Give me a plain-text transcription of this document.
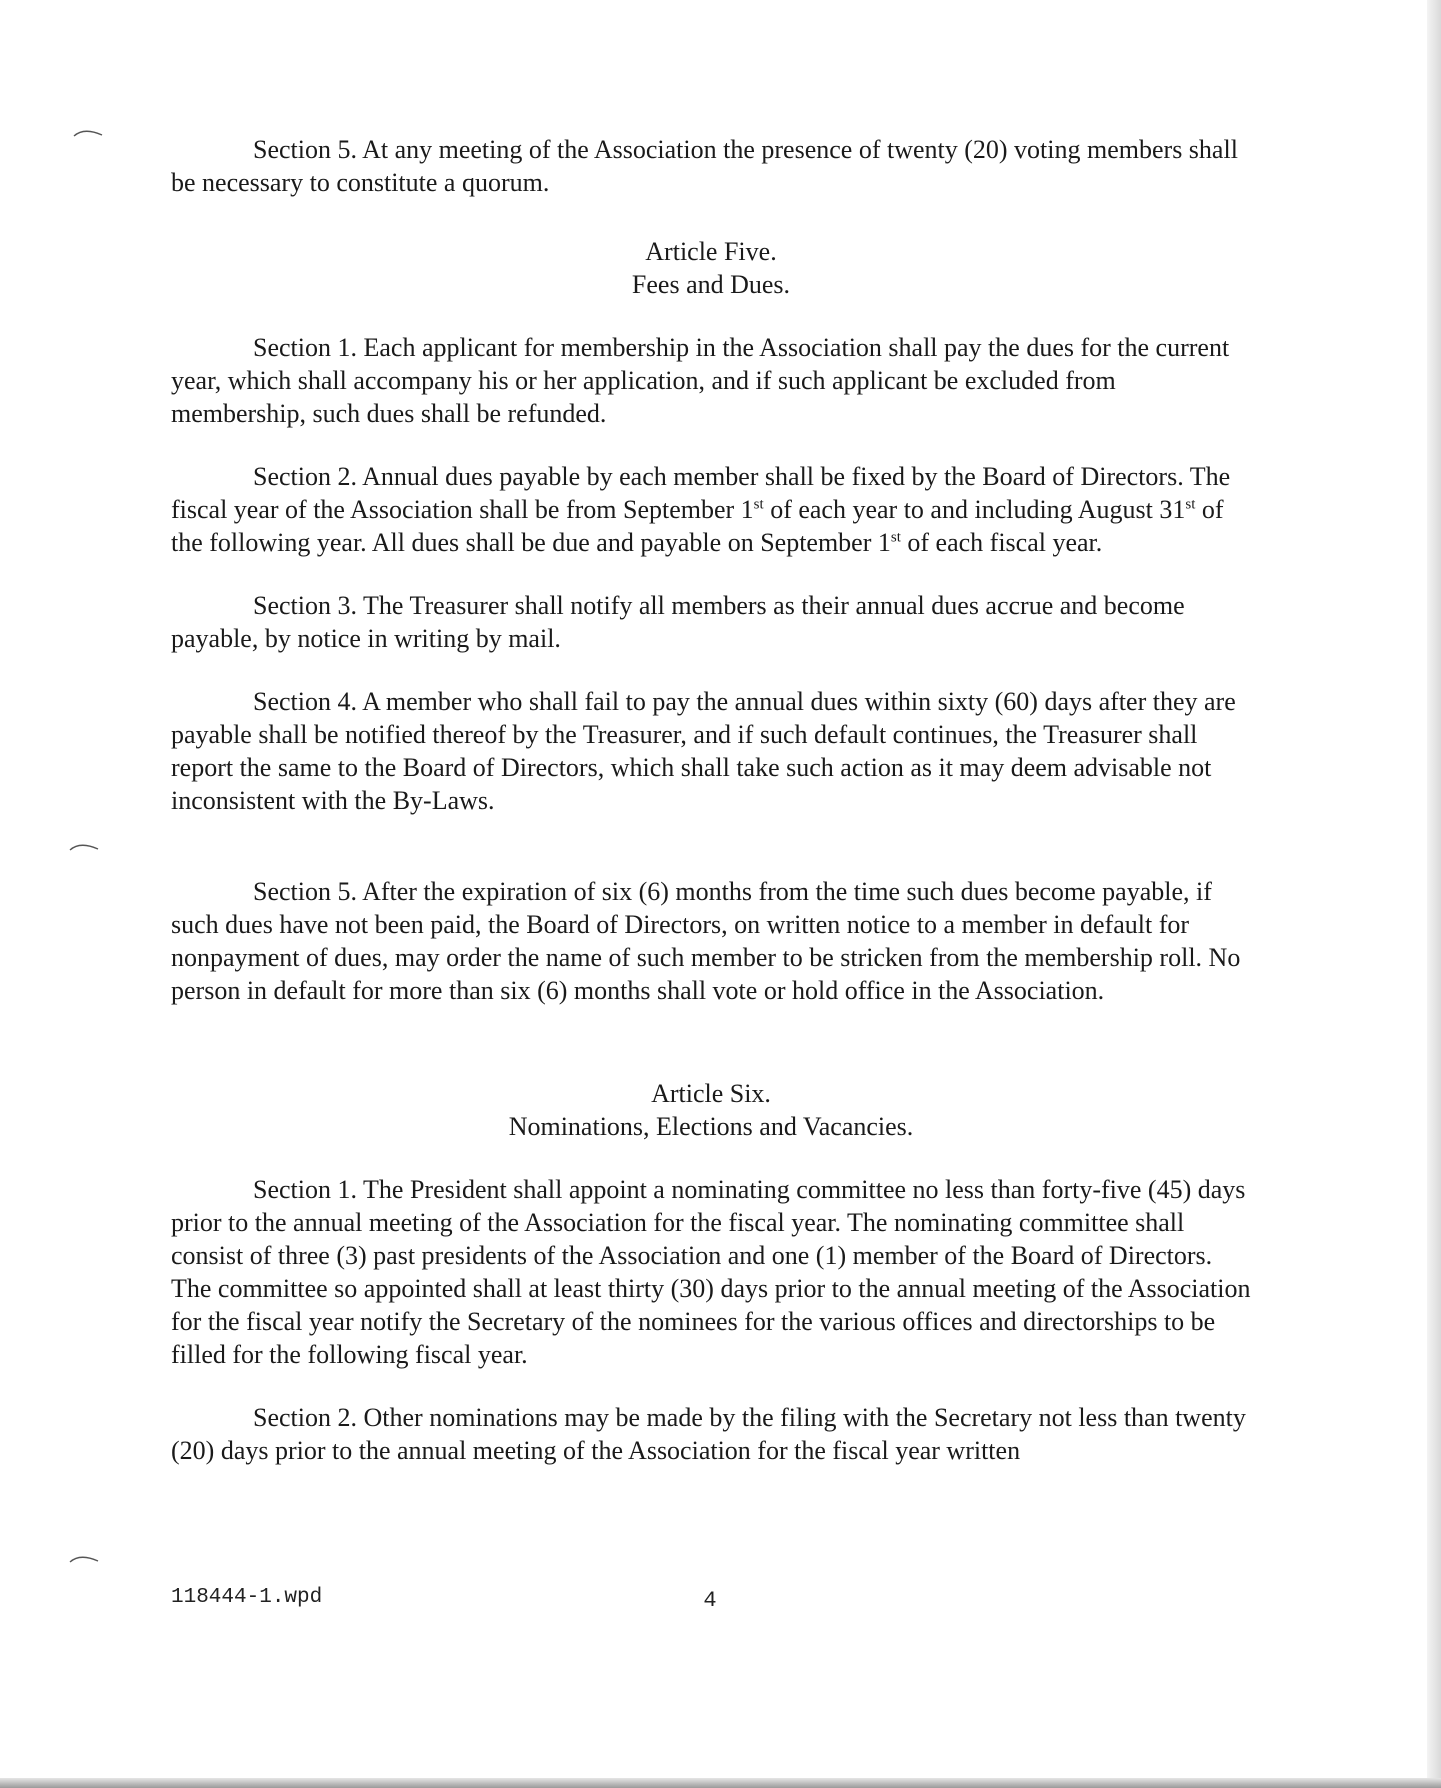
Section 5. At any meeting of the Association the presence of twenty (20) voting members shall be necessary to constitute a quorum.

Article Five.

Fees and Dues.

Section 1. Each applicant for membership in the Association shall pay the dues for the current year, which shall accompany his or her application, and if such applicant be excluded from membership, such dues shall be refunded.

Section 2. Annual dues payable by each member shall be fixed by the Board of Directors. The fiscal year of the Association shall be from September 1st of each year to and including August 31st of the following year. All dues shall be due and payable on September 1st of each fiscal year.

Section 3. The Treasurer shall notify all members as their annual dues accrue and become payable, by notice in writing by mail.

Section 4. A member who shall fail to pay the annual dues within sixty (60) days after they are payable shall be notified thereof by the Treasurer, and if such default continues, the Treasurer shall report the same to the Board of Directors, which shall take such action as it may deem advisable not inconsistent with the By-Laws.

Section 5. After the expiration of six (6) months from the time such dues become payable, if such dues have not been paid, the Board of Directors, on written notice to a member in default for nonpayment of dues, may order the name of such member to be stricken from the membership roll. No person in default for more than six (6) months shall vote or hold office in the Association.

Article Six.

Nominations, Elections and Vacancies.

Section 1. The President shall appoint a nominating committee no less than forty-five (45) days prior to the annual meeting of the Association for the fiscal year. The nominating committee shall consist of three (3) past presidents of the Association and one (1) member of the Board of Directors. The committee so appointed shall at least thirty (30) days prior to the annual meeting of the Association for the fiscal year notify the Secretary of the nominees for the various offices and directorships to be filled for the following fiscal year.

Section 2. Other nominations may be made by the filing with the Secretary not less than twenty (20) days prior to the annual meeting of the Association for the fiscal year written

118444-1.wpd	4
